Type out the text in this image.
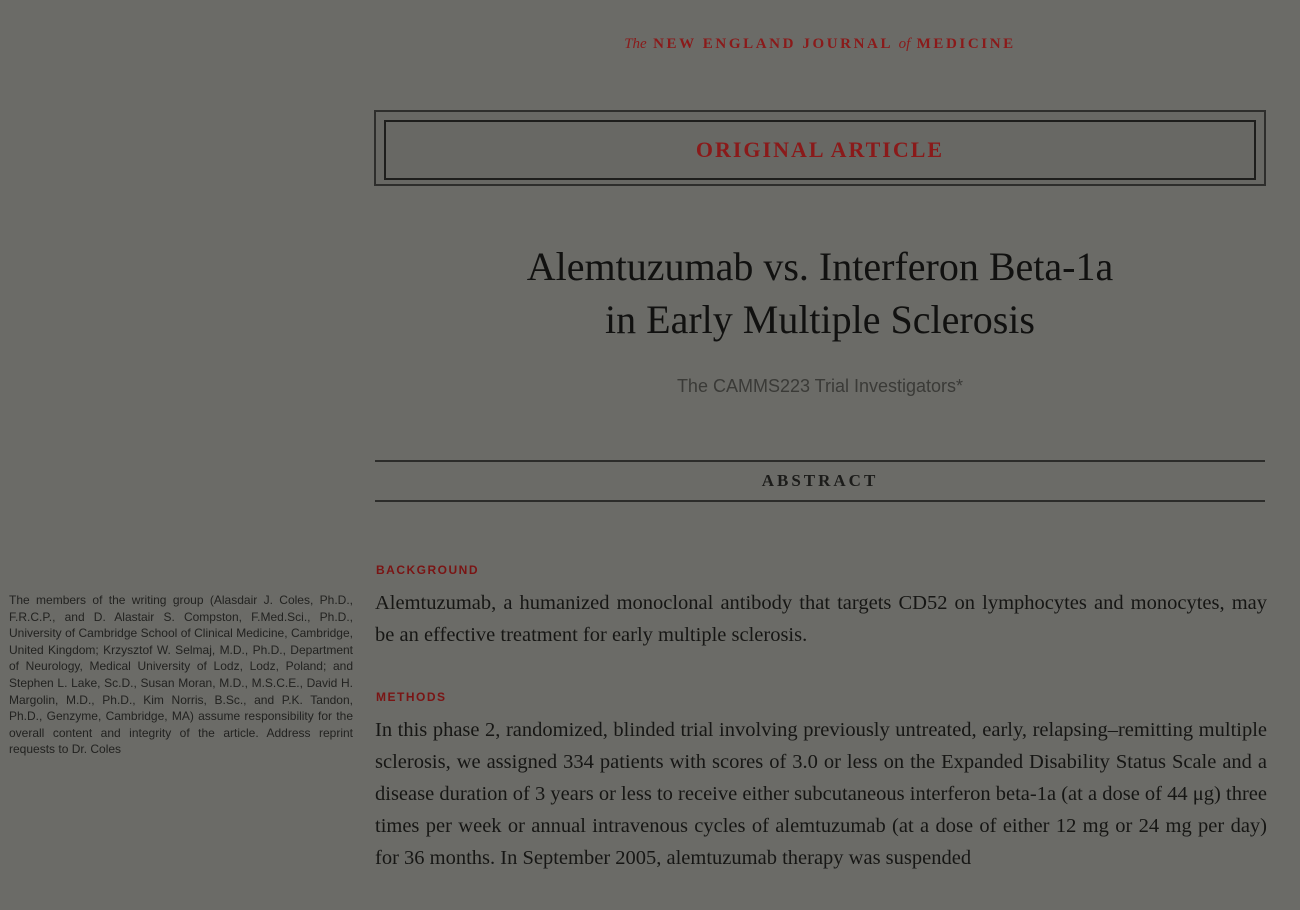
The NEW ENGLAND JOURNAL of MEDICINE
ORIGINAL ARTICLE
Alemtuzumab vs. Interferon Beta-1a
in Early Multiple Sclerosis
The CAMMS223 Trial Investigators*
ABSTRACT
BACKGROUND
Alemtuzumab, a humanized monoclonal antibody that targets CD52 on lymphocytes and monocytes, may be an effective treatment for early multiple sclerosis.
METHODS
In this phase 2, randomized, blinded trial involving previously untreated, early, relapsing–remitting multiple sclerosis, we assigned 334 patients with scores of 3.0 or less on the Expanded Disability Status Scale and a disease duration of 3 years or less to receive either subcutaneous interferon beta-1a (at a dose of 44 μg) three times per week or annual intravenous cycles of alemtuzumab (at a dose of either 12 mg or 24 mg per day) for 36 months. In September 2005, alemtuzumab therapy was suspended
The members of the writing group (Alasdair J. Coles, Ph.D., F.R.C.P., and D. Alastair S. Compston, F.Med.Sci., Ph.D., University of Cambridge School of Clinical Medicine, Cambridge, United Kingdom; Krzysztof W. Selmaj, M.D., Ph.D., Department of Neurology, Medical University of Lodz, Lodz, Poland; and Stephen L. Lake, Sc.D., Susan Moran, M.D., M.S.C.E., David H. Margolin, M.D., Ph.D., Kim Norris, B.Sc., and P.K. Tandon, Ph.D., Genzyme, Cambridge, MA) assume responsibility for the overall content and integrity of the article. Address reprint requests to Dr. Coles
